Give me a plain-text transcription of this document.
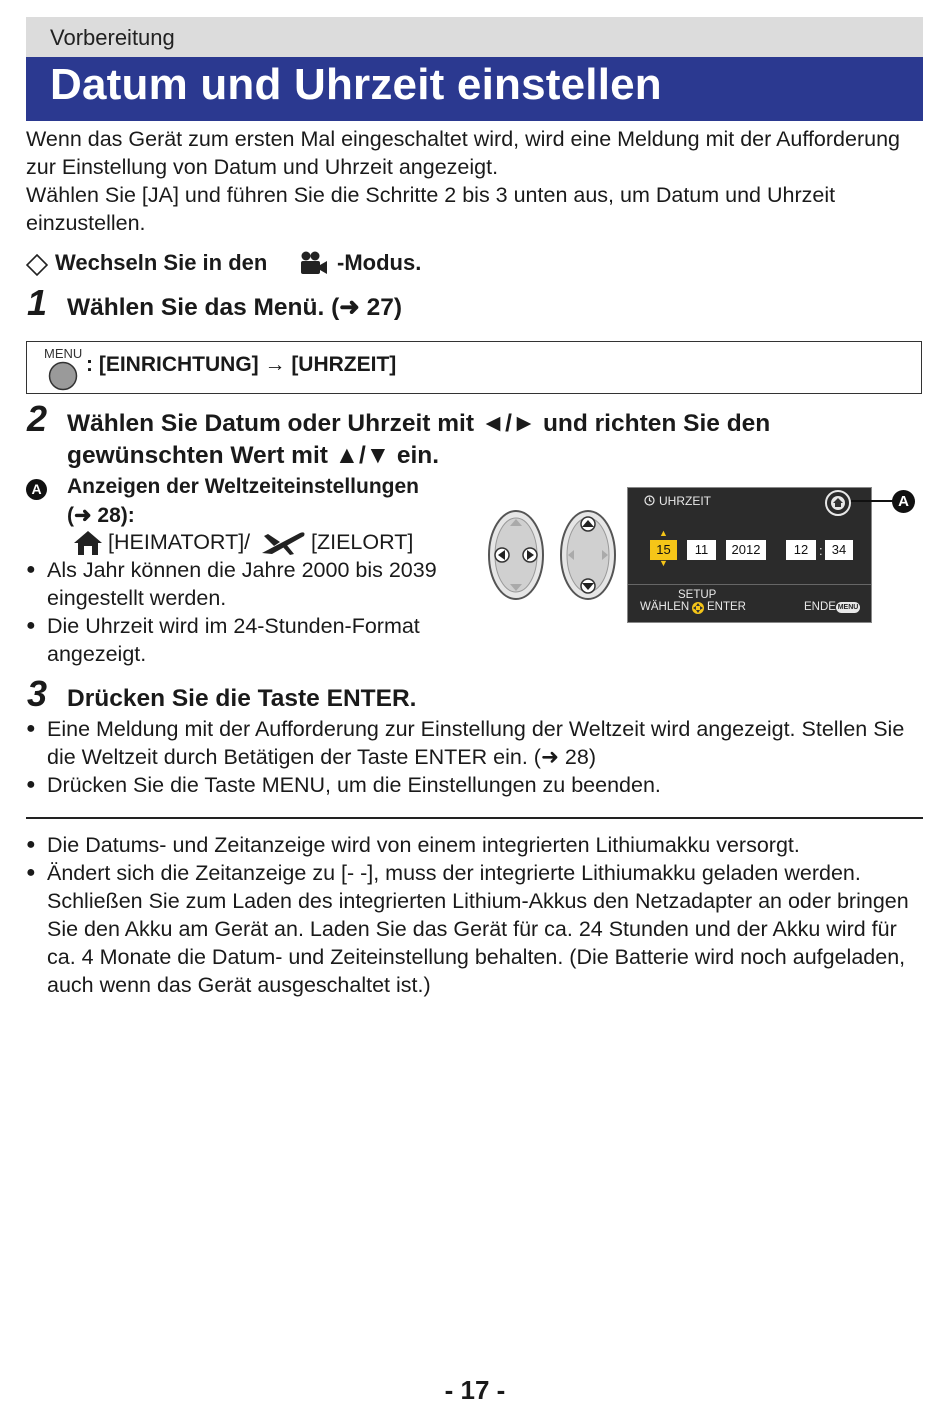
Vorbereitung
Datum und Uhrzeit einstellen
Wenn das Gerät zum ersten Mal eingeschaltet wird, wird eine Meldung mit der Aufforderung
zur Einstellung von Datum und Uhrzeit angezeigt.
Wählen Sie [JA] und führen Sie die Schritte 2 bis 3 unten aus, um Datum und Uhrzeit
einzustellen.
Wechseln Sie in den	-Modus.
1 Wählen Sie das Menü. (➜ 27)
MENU : [EINRICHTUNG] → [UHRZEIT]
2 Wählen Sie Datum oder Uhrzeit mit ◄/► und richten Sie den
gewünschten Wert mit ▲/▼ ein.
A Anzeigen der Weltzeiteinstellungen
(➜ 28):
[HEIMATORT]/	[ZIELORT]
● Als Jahr können die Jahre 2000 bis 2039
eingestellt werden.
● Die Uhrzeit wird im 24-Stunden-Format
angezeigt.
UHRZEIT
15
▲
▼
11	2012	12 : 34
SETUP
WÄHLEN ENTER	ENDE MENU
A
3 Drücken Sie die Taste ENTER.
● Eine Meldung mit der Aufforderung zur Einstellung der Weltzeit wird angezeigt. Stellen Sie
die Weltzeit durch Betätigen der Taste ENTER ein. (➜ 28)
● Drücken Sie die Taste MENU, um die Einstellungen zu beenden.
● Die Datums- und Zeitanzeige wird von einem integrierten Lithiumakku versorgt.
● Ändert sich die Zeitanzeige zu [- -], muss der integrierte Lithiumakku geladen werden.
Schließen Sie zum Laden des integrierten Lithium-Akkus den Netzadapter an oder bringen
Sie den Akku am Gerät an. Laden Sie das Gerät für ca. 24 Stunden und der Akku wird für
ca. 4 Monate die Datum- und Zeiteinstellung behalten. (Die Batterie wird noch aufgeladen,
auch wenn das Gerät ausgeschaltet ist.)
- 17 -
